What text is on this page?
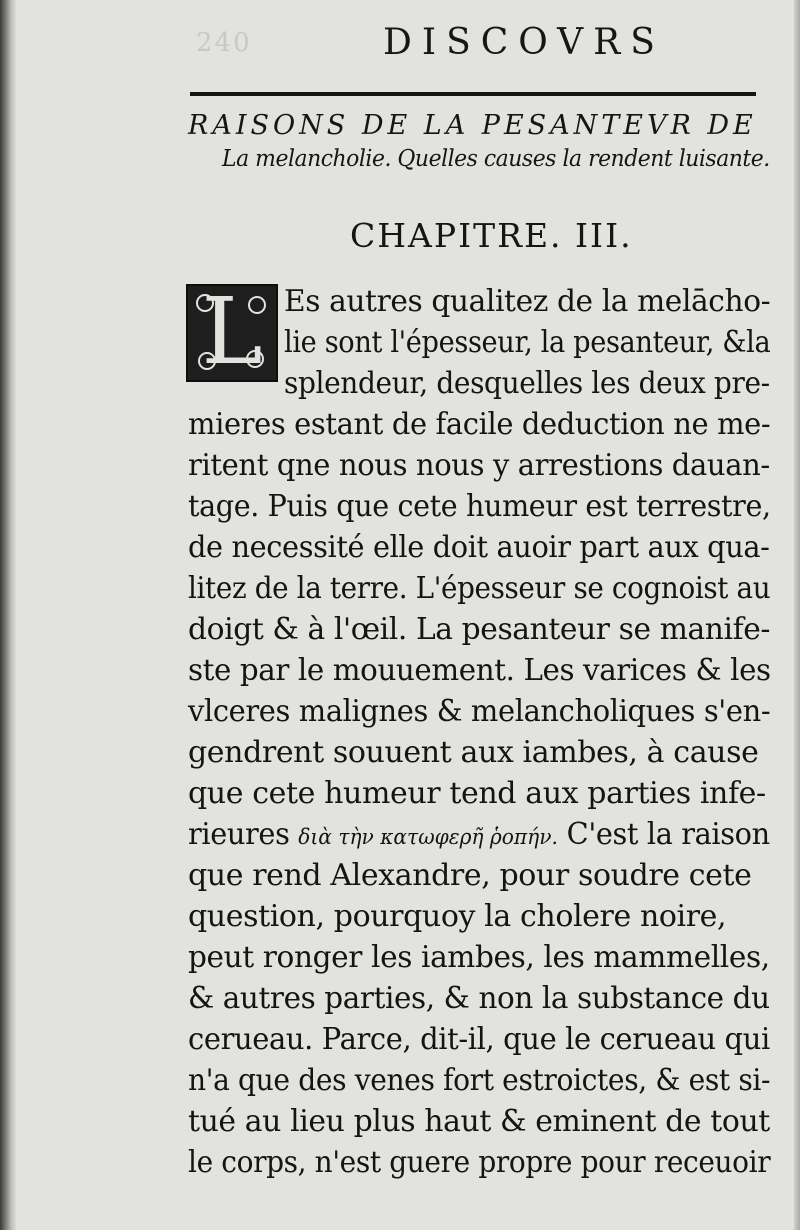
240	DISCOVRS
RAISONS DE LA PESANTEVR DE
La melancholie. Quelles causes la rendent luisante.
CHAPITRE. III.
L Es autres qualitez de la melācho-
lie sont l'épesseur, la pesanteur, &la
splendeur, desquelles les deux pre-
mieres estant de facile deduction ne me-
ritent qne nous nous y arrestions dauan-
tage. Puis que cete humeur est terrestre,
de necessité elle doit auoir part aux qua-
litez de la terre. L'épesseur se cognoist au
doigt & à l'œil. La pesanteur se manife-
ste par le mouuement. Les varices & les
vlceres malignes & melancholiques s'en-
gendrent souuent aux iambes, à cause
que cete humeur tend aux parties infe-
rieures διὰ τὴν κατωφερῆ ῥοπήν. C'est la raison
que rend Alexandre, pour soudre cete
question, pourquoy la cholere noire,
peut ronger les iambes, les mammelles,
& autres parties, & non la substance du
cerueau. Parce, dit-il, que le cerueau qui
n'a que des venes fort estroictes, & est si-
tué au lieu plus haut & eminent de tout
le corps, n'est guere propre pour receuoir
